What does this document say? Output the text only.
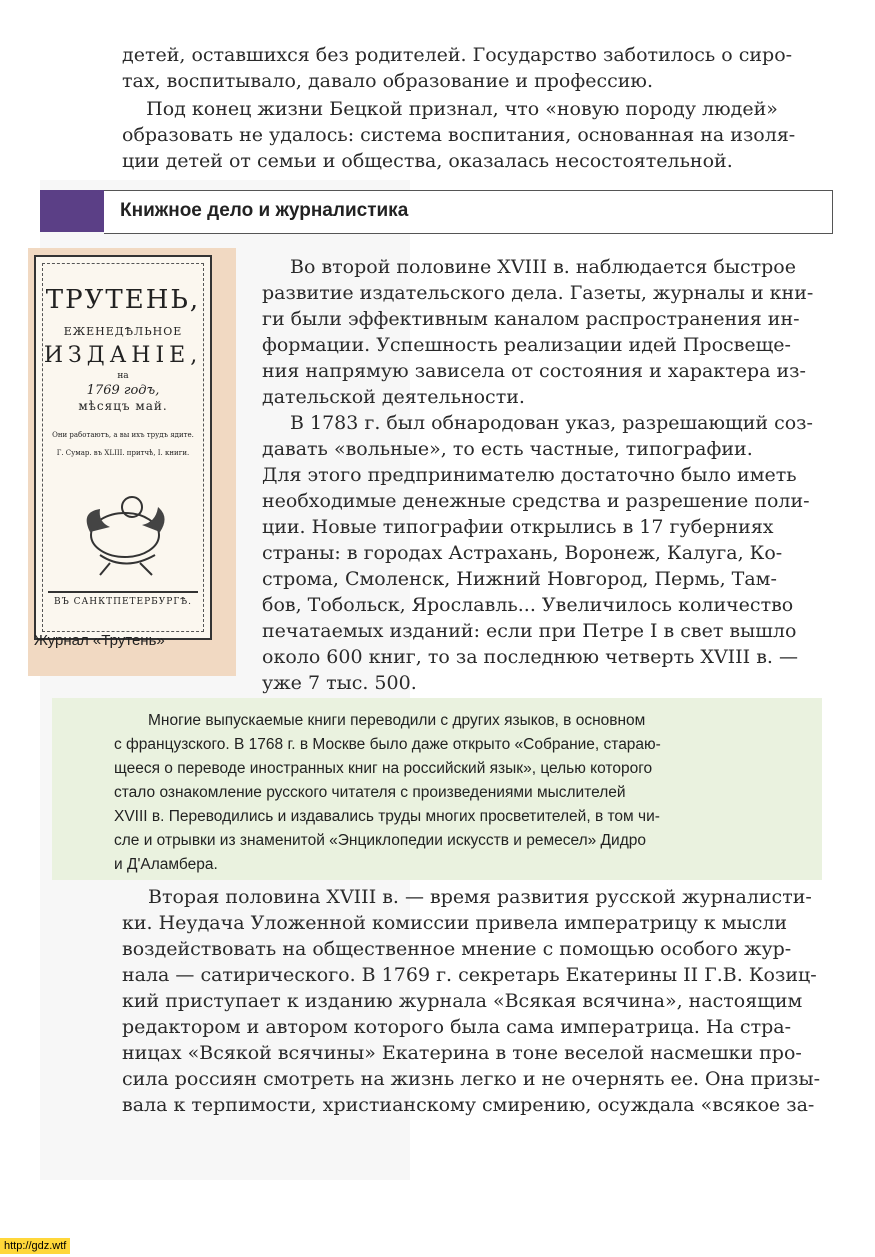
детей, оставшихся без родителей. Государство заботилось о сиро-
тах, воспитывало, давало образование и профессию.
Под конец жизни Бецкой признал, что «новую породу людей»
образовать не удалось: система воспитания, основанная на изоля-
ции детей от семьи и общества, оказалась несостоятельной.
Книжное дело и журналистика
ТРУТЕНЬ,
ЕЖЕНЕДѢЛЬНОЕ
ИЗДАНІЕ,
на
1769 годъ,
мѣсяцъ май.
Они работаютъ, а вы ихъ трудъ ядите.
Г. Сумар. въ XLIII. притчѣ, I. книги.
ВЪ САНКТПЕТЕРБУРГѢ.
Журнал «Трутень»
Во второй половине XVIII в. наблюдается быстрое
развитие издательского дела. Газеты, журналы и кни-
ги были эффективным каналом распространения ин-
формации. Успешность реализации идей Просвеще-
ния напрямую зависела от состояния и характера из-
дательской деятельности.
В 1783 г. был обнародован указ, разрешающий соз-
давать «вольные», то есть частные, типографии.
Для этого предпринимателю достаточно было иметь
необходимые денежные средства и разрешение поли-
ции. Новые типографии открылись в 17 губерниях
страны: в городах Астрахань, Воронеж, Калуга, Ко-
строма, Смоленск, Нижний Новгород, Пермь, Там-
бов, Тобольск, Ярославль... Увеличилось количество
печатаемых изданий: если при Петре I в свет вышло
около 600 книг, то за последнюю четверть XVIII в. —
уже 7 тыс. 500.
Многие выпускаемые книги переводили с других языков, в основном
с французского. В 1768 г. в Москве было даже открыто «Собрание, стараю-
щееся о переводе иностранных книг на российский язык», целью которого
стало ознакомление русского читателя с произведениями мыслителей
XVIII в. Переводились и издавались труды многих просветителей, в том чи-
сле и отрывки из знаменитой «Энциклопедии искусств и ремесел» Дидро
и Д'Аламбера.
Вторая половина XVIII в. — время развития русской журналисти-
ки. Неудача Уложенной комиссии привела императрицу к мысли
воздействовать на общественное мнение с помощью особого жур-
нала — сатирического. В 1769 г. секретарь Екатерины II Г.В. Козиц-
кий приступает к изданию журнала «Всякая всячина», настоящим
редактором и автором которого была сама императрица. На стра-
ницах «Всякой всячины» Екатерина в тоне веселой насмешки про-
сила россиян смотреть на жизнь легко и не очернять ее. Она призы-
вала к терпимости, христианскому смирению, осуждала «всякое за-
http://gdz.wtf
